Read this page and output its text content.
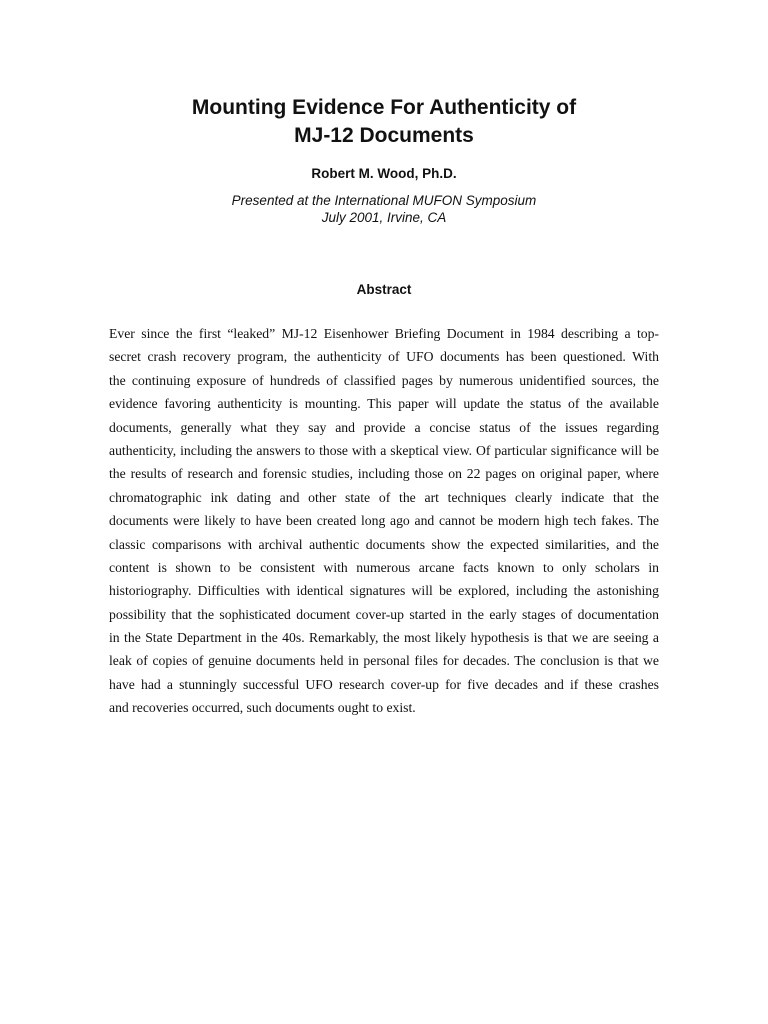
Mounting Evidence For Authenticity of
MJ-12 Documents
Robert M. Wood, Ph.D.
Presented at the International MUFON Symposium
July 2001, Irvine, CA
Abstract
Ever since the first “leaked” MJ-12 Eisenhower Briefing Document in 1984 describing a top-
secret crash recovery program, the authenticity of UFO documents has been questioned. With
the continuing exposure of hundreds of classified pages by numerous unidentified sources, the
evidence favoring authenticity is mounting. This paper will update the status of the available
documents, generally what they say and provide a concise status of the issues regarding
authenticity, including the answers to those with a skeptical view. Of particular significance will be
the results of research and forensic studies, including those on 22 pages on original paper, where
chromatographic ink dating and other state of the art techniques clearly indicate that the
documents were likely to have been created long ago and cannot be modern high tech fakes. The
classic comparisons with archival authentic documents show the expected similarities, and the
content is shown to be consistent with numerous arcane facts known to only scholars in
historiography. Difficulties with identical signatures will be explored, including the astonishing
possibility that the sophisticated document cover-up started in the early stages of documentation
in the State Department in the 40s. Remarkably, the most likely hypothesis is that we are seeing a
leak of copies of genuine documents held in personal files for decades. The conclusion is that we
have had a stunningly successful UFO research cover-up for five decades and if these crashes
and recoveries occurred, such documents ought to exist.
